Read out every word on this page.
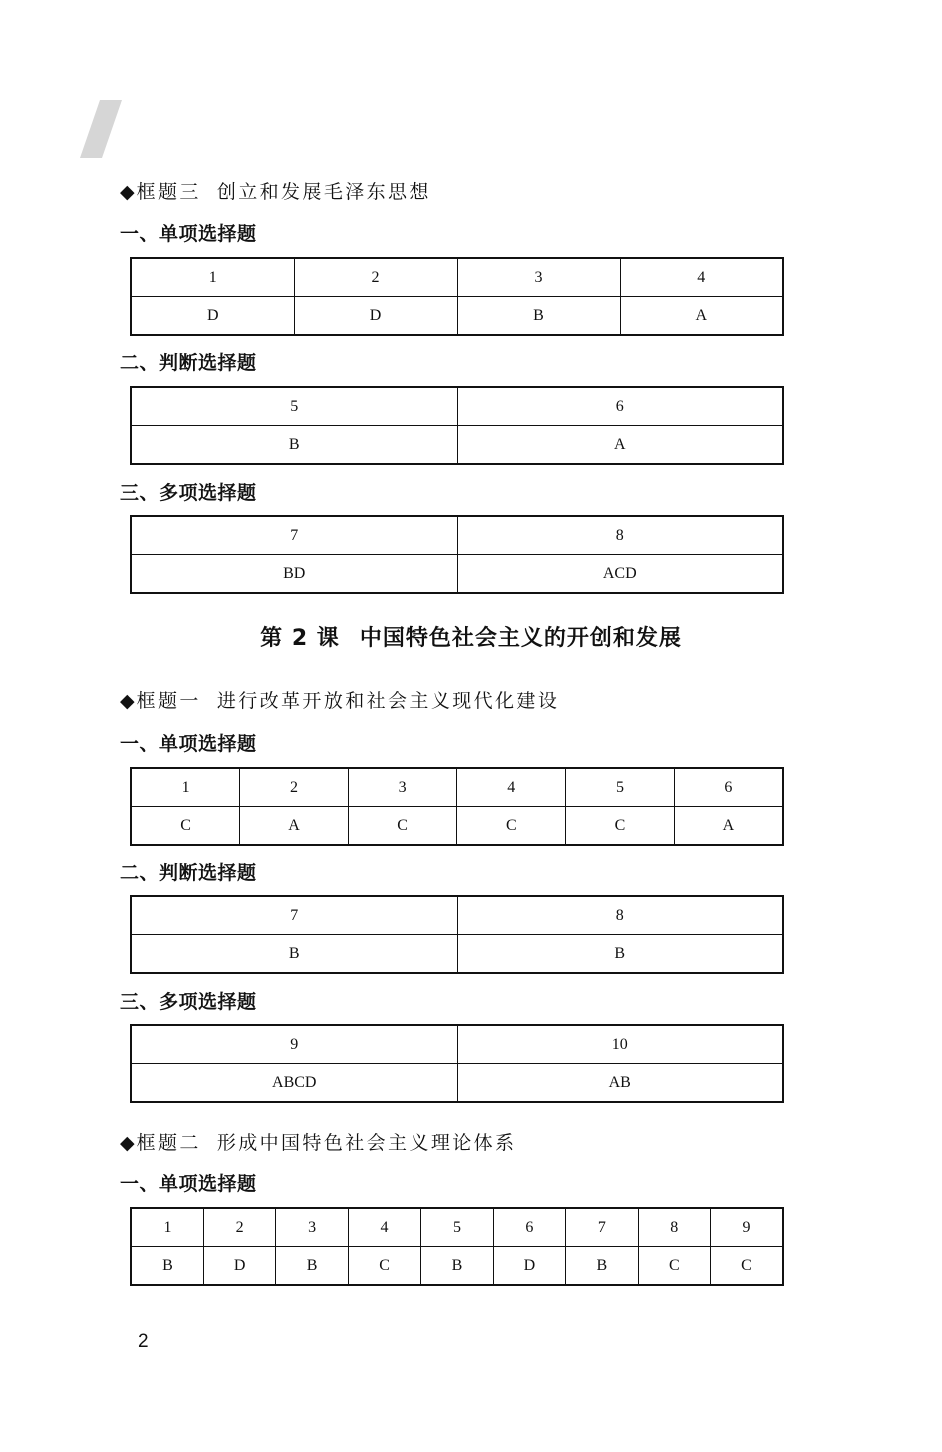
《思想政治 基础模块 中国特色社会主义》同步检测
◆ 框题三 创立和发展毛泽东思想
一、单项选择题
1	2	3	4
D	D	B	A
二、判断选择题
5	6
B	A
三、多项选择题
7	8
BD	ACD
第 2 课 中国特色社会主义的开创和发展
◆ 框题一 进行改革开放和社会主义现代化建设
一、单项选择题
1	2	3	4	5	6
C	A	C	C	C	A
二、判断选择题
7	8
B	B
三、多项选择题
9	10
ABCD	AB
◆ 框题二 形成中国特色社会主义理论体系
一、单项选择题
1	2	3	4	5	6	7	8	9
B	D	B	C	B	D	B	C	C
2
